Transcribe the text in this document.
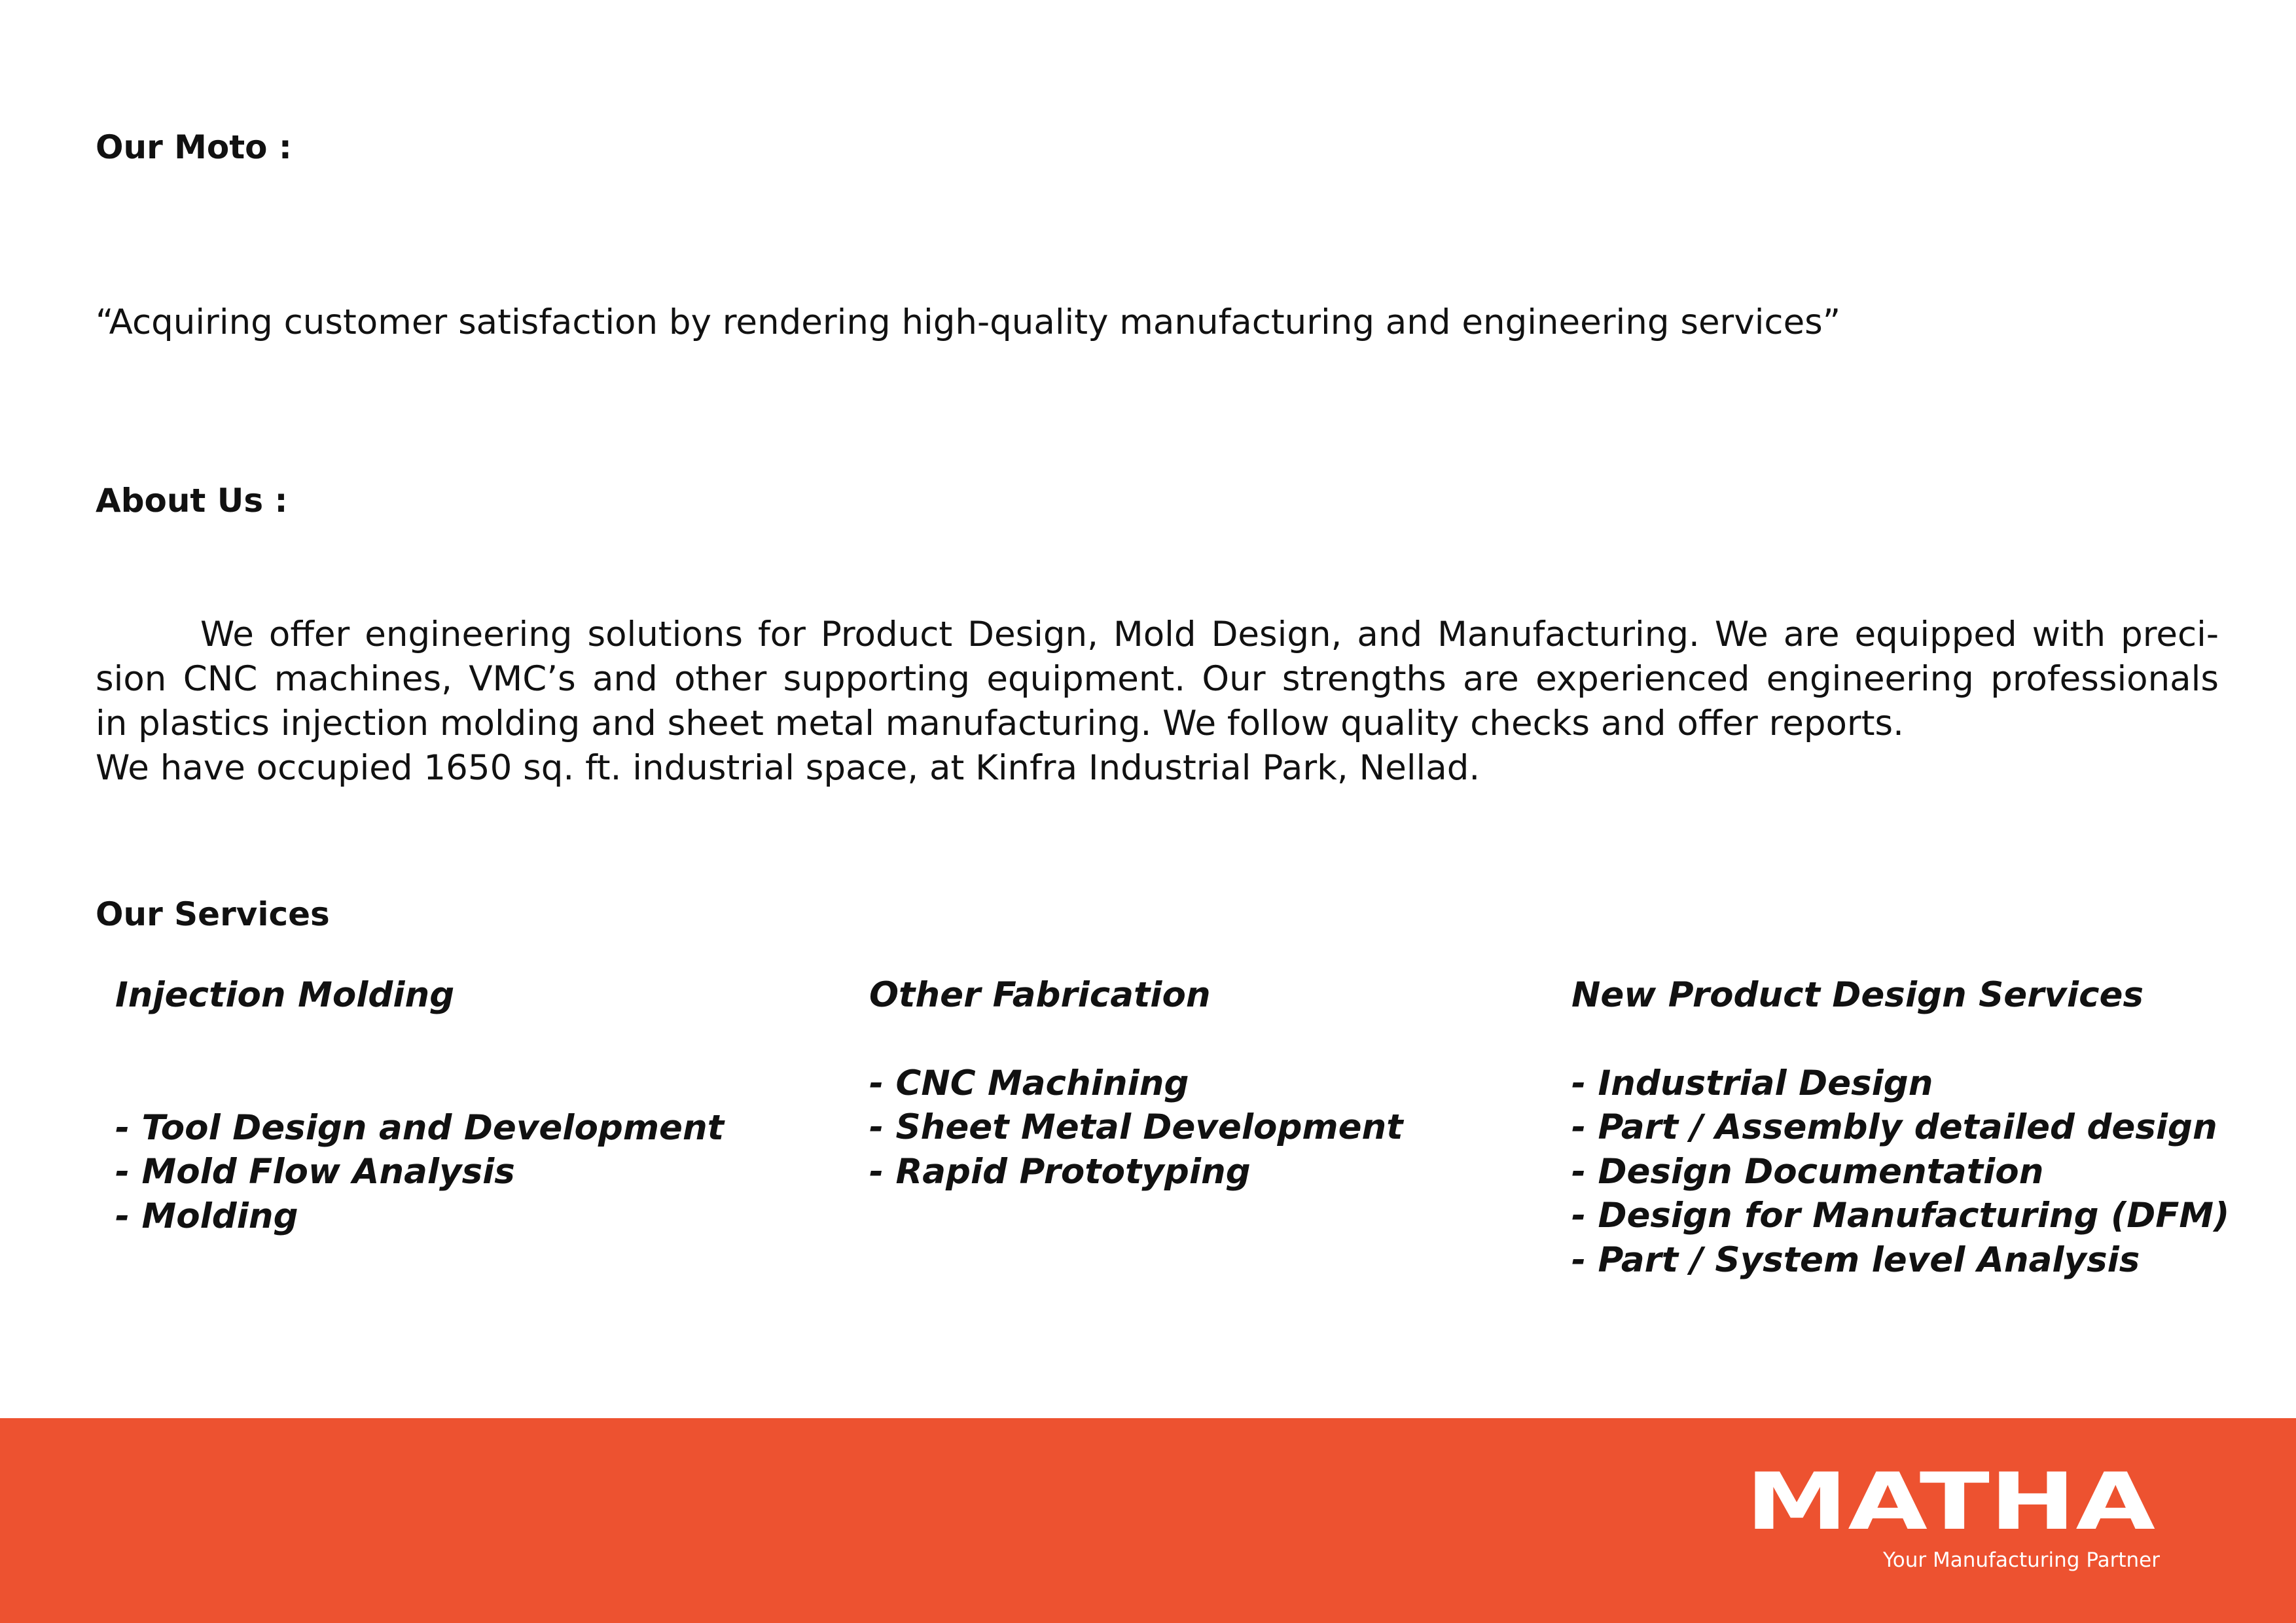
Our Moto :
“Acquiring customer satisfaction by rendering high-quality manufacturing and engineering services”
About Us :
We offer engineering solutions for Product Design, Mold Design, and Manufacturing. We are equipped with preci-
sion CNC machines, VMC’s and other supporting equipment. Our strengths are experienced engineering professionals
in plastics injection molding and sheet metal manufacturing. We follow quality checks and offer reports.
We have occupied 1650 sq. ft. industrial space, at Kinfra Industrial Park, Nellad.
Our Services
Injection Molding
- Tool Design and Development
- Mold Flow Analysis
- Molding
Other Fabrication
- CNC Machining
- Sheet Metal Development
- Rapid Prototyping
New Product Design Services
- Industrial Design
- Part / Assembly detailed design
- Design Documentation
- Design for Manufacturing (DFM)
- Part / System level Analysis
MATHA
Your Manufacturing Partner
